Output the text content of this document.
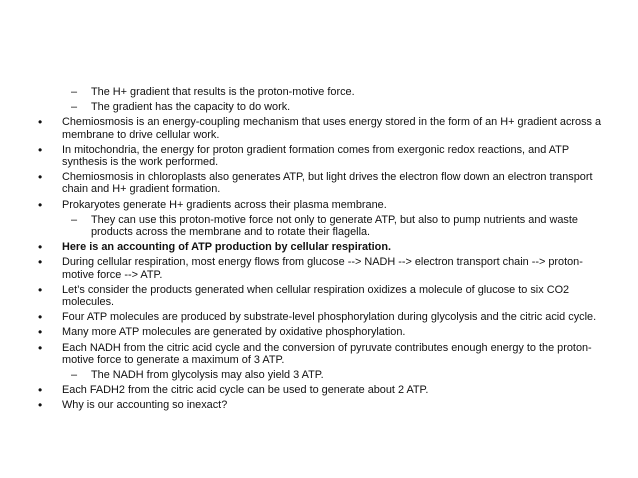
– The H+ gradient that results is the proton-motive force.
– The gradient has the capacity to do work.
• Chemiosmosis is an energy-coupling mechanism that uses energy stored in the form of an H+ gradient across a membrane to drive cellular work.
• In mitochondria, the energy for proton gradient formation comes from exergonic redox reactions, and ATP synthesis is the work performed.
• Chemiosmosis in chloroplasts also generates ATP, but light drives the electron flow down an electron transport chain and H+ gradient formation.
• Prokaryotes generate H+ gradients across their plasma membrane.
– They can use this proton-motive force not only to generate ATP, but also to pump nutrients and waste products across the membrane and to rotate their flagella.
• Here is an accounting of ATP production by cellular respiration.
• During cellular respiration, most energy flows from glucose --> NADH --> electron transport chain --> proton-motive force --> ATP.
• Let’s consider the products generated when cellular respiration oxidizes a molecule of glucose to six CO2 molecules.
• Four ATP molecules are produced by substrate-level phosphorylation during glycolysis and the citric acid cycle.
• Many more ATP molecules are generated by oxidative phosphorylation.
• Each NADH from the citric acid cycle and the conversion of pyruvate contributes enough energy to the proton-motive force to generate a maximum of 3 ATP.
– The NADH from glycolysis may also yield 3 ATP.
• Each FADH2 from the citric acid cycle can be used to generate about 2 ATP.
• Why is our accounting so inexact?
